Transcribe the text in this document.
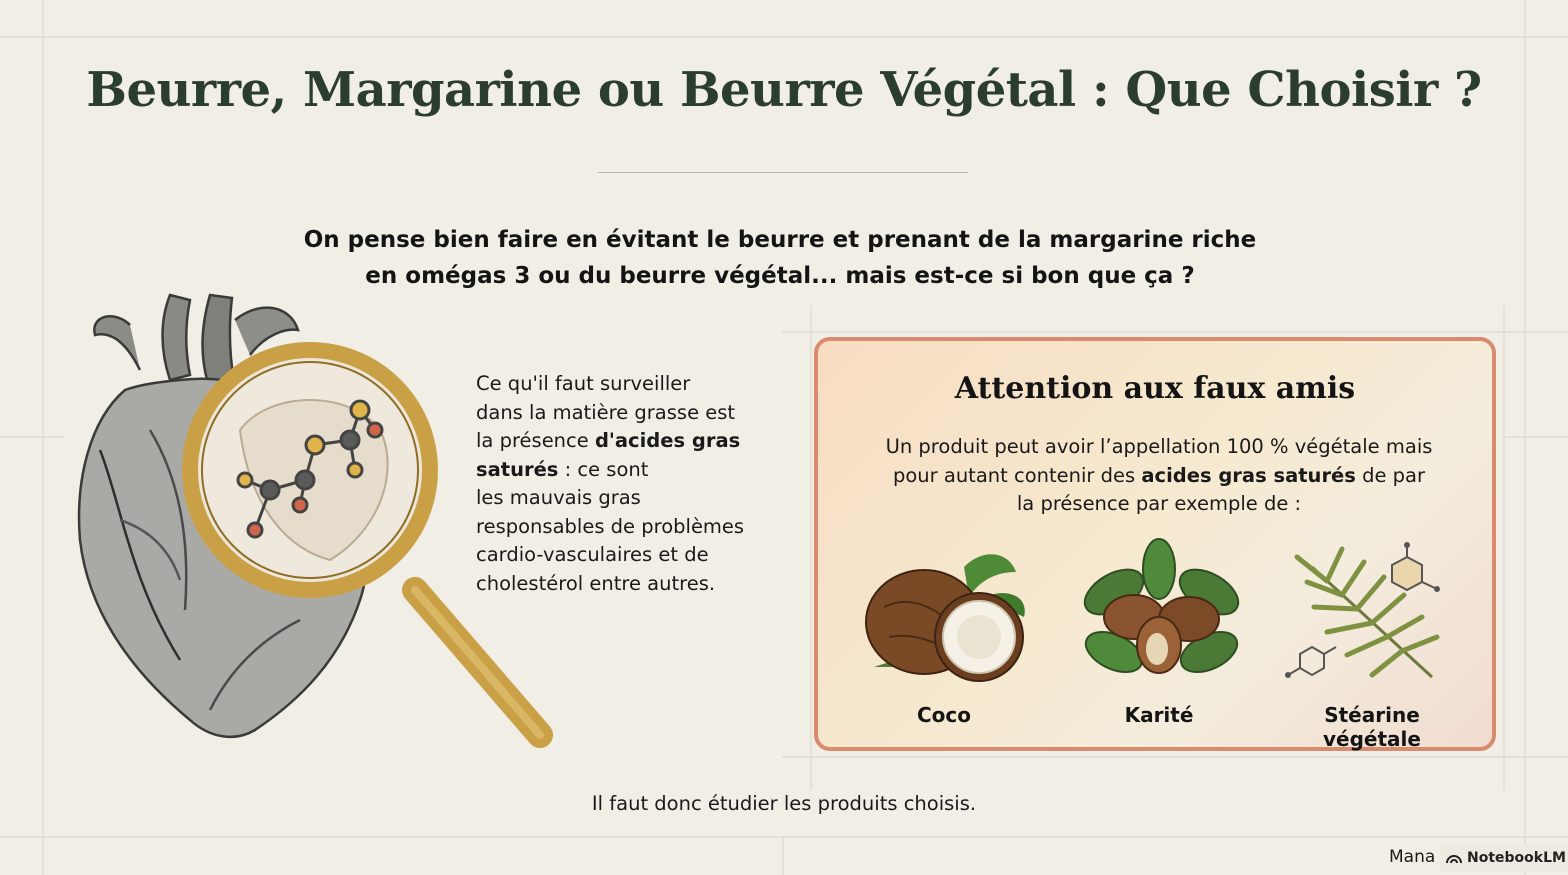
Beurre, Margarine ou Beurre Végétal : Que Choisir ?

On pense bien faire en évitant le beurre et prenant de la margarine riche
en omégas 3 ou du beurre végétal... mais est-ce si bon que ça ?

Ce qu'il faut surveiller
dans la matière grasse est
la présence d'acides gras
saturés : ce sont
les mauvais gras
responsables de problèmes
cardio-vasculaires et de
cholestérol entre autres.

Attention aux faux amis

Un produit peut avoir l’appellation 100 % végétale mais
pour autant contenir des acides gras saturés de par
la présence par exemple de :

Coco	Karité	Stéarine végétale
Il faut donc étudier les produits choisis.
Mana NotebookLM
